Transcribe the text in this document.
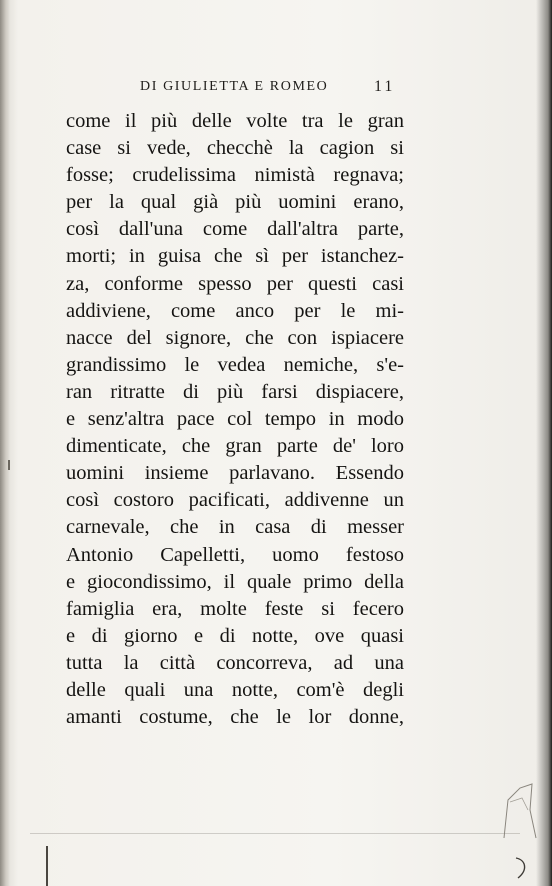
DI GIULIETTA E ROMEO	11
come il più delle volte tra le gran
case si vede, checchè la cagion si
fosse; crudelissima nimistà regnava;
per la qual già più uomini erano,
così dall'una come dall'altra parte,
morti; in guisa che sì per istanchez-
za, conforme spesso per questi casi
addiviene, come anco per le mi-
nacce del signore, che con ispiacere
grandissimo le vedea nemiche, s'e-
ran ritratte di più farsi dispiacere,
e senz'altra pace col tempo in modo
dimenticate, che gran parte de' loro
uomini insieme parlavano. Essendo
così costoro pacificati, addivenne un
carnevale, che in casa di messer
Antonio Capelletti, uomo festoso
e giocondissimo, il quale primo della
famiglia era, molte feste si fecero
e di giorno e di notte, ove quasi
tutta la città concorreva, ad una
delle quali una notte, com'è degli
amanti costume, che le lor donne,
